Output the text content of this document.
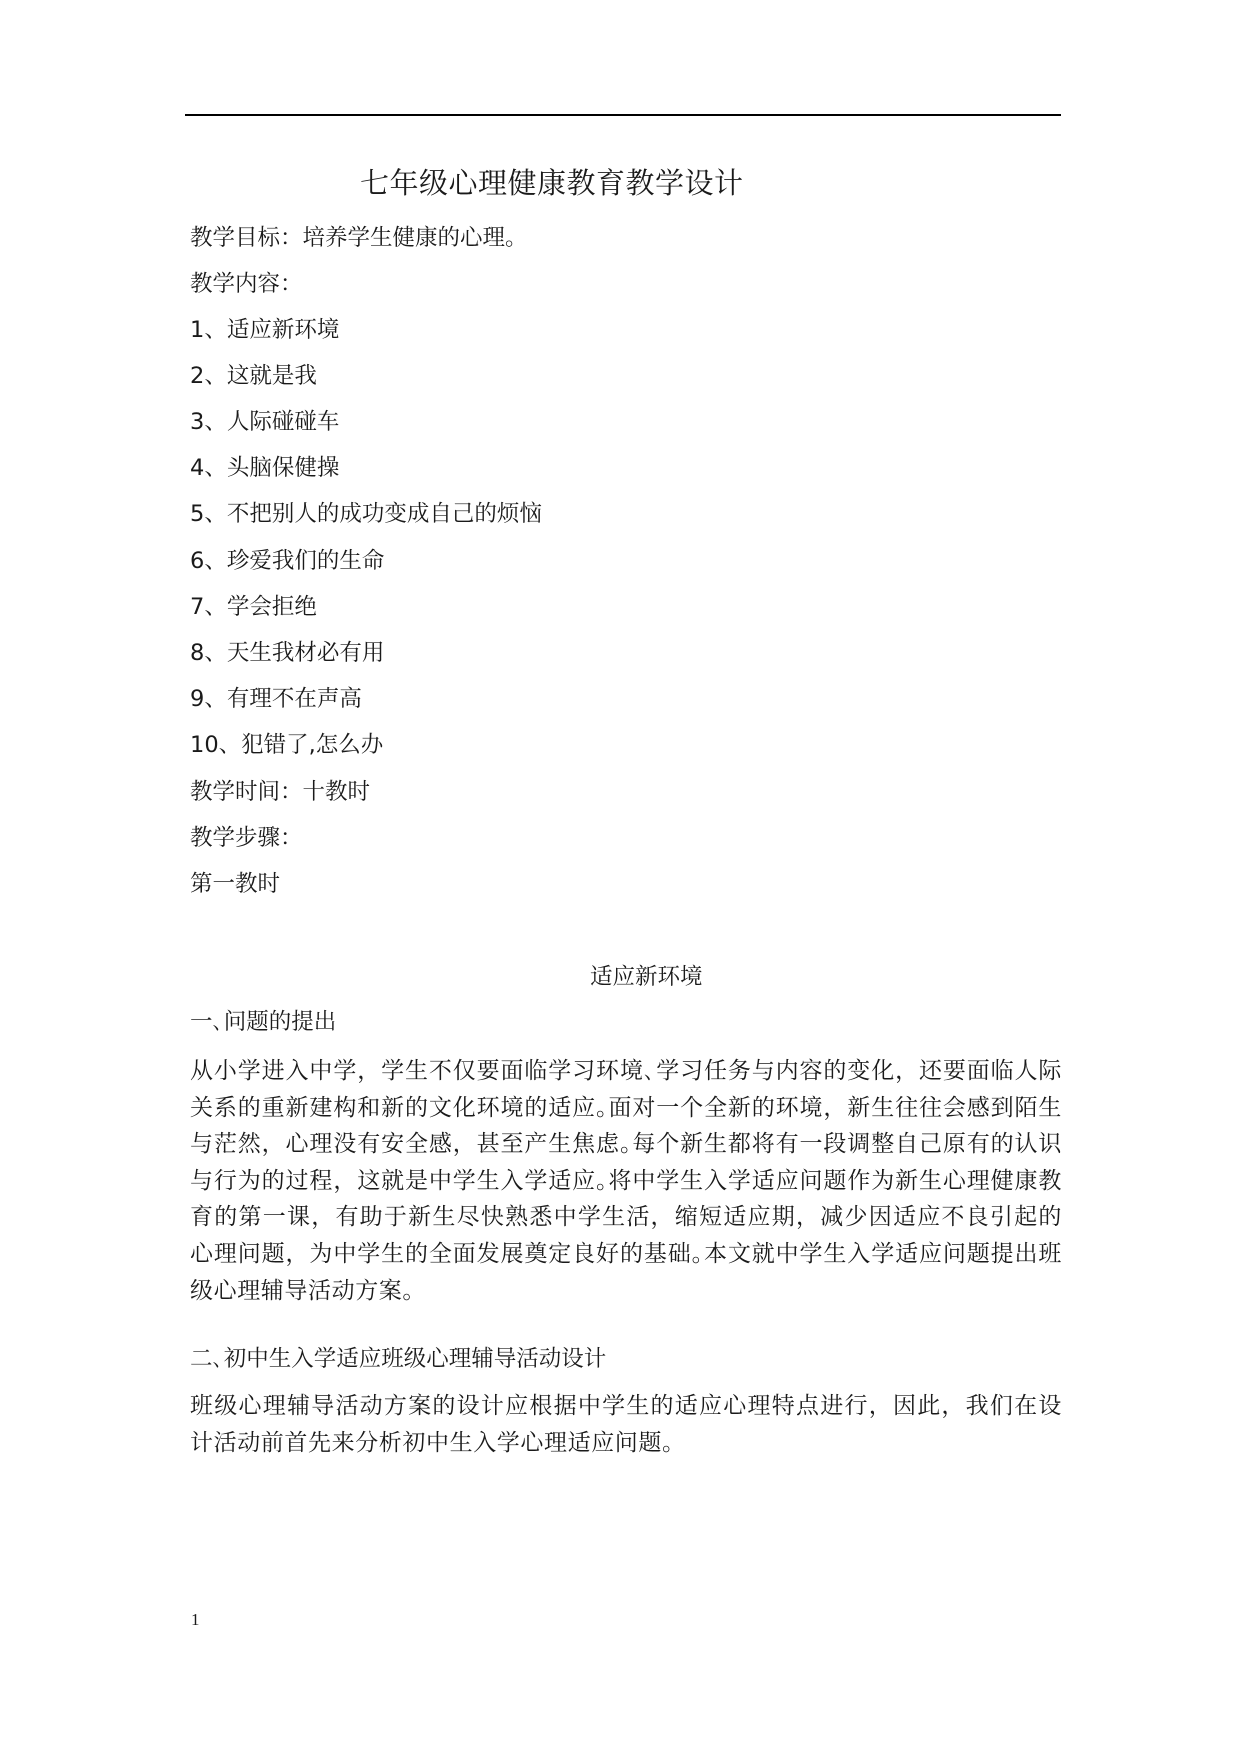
七年级心理健康教育教学设计
教学目标：培养学生健康的心理。
教学内容：
1、适应新环境
2、这就是我
3、人际碰碰车
4、头脑保健操
5、不把别人的成功变成自己的烦恼
6、珍爱我们的生命
7、学会拒绝
8、天生我材必有用
9、有理不在声高
10、犯错了,怎么办
教学时间：十教时
教学步骤：
第一教时
适应新环境
一､问题的提出
从小学进入中学，学生不仅要面临学习环境､学习任务与内容的变化，还要面临人际关系的重新建构和新的文化环境的适应｡面对一个全新的环境，新生往往会感到陌生与茫然，心理没有安全感，甚至产生焦虑｡每个新生都将有一段调整自己原有的认识与行为的过程，这就是中学生入学适应｡将中学生入学适应问题作为新生心理健康教育的第一课，有助于新生尽快熟悉中学生活，缩短适应期，减少因适应不良引起的心理问题，为中学生的全面发展奠定良好的基础｡本文就中学生入学适应问题提出班级心理辅导活动方案｡
二､初中生入学适应班级心理辅导活动设计
班级心理辅导活动方案的设计应根据中学生的适应心理特点进行，因此，我们在设计活动前首先来分析初中生入学心理适应问题｡
1
